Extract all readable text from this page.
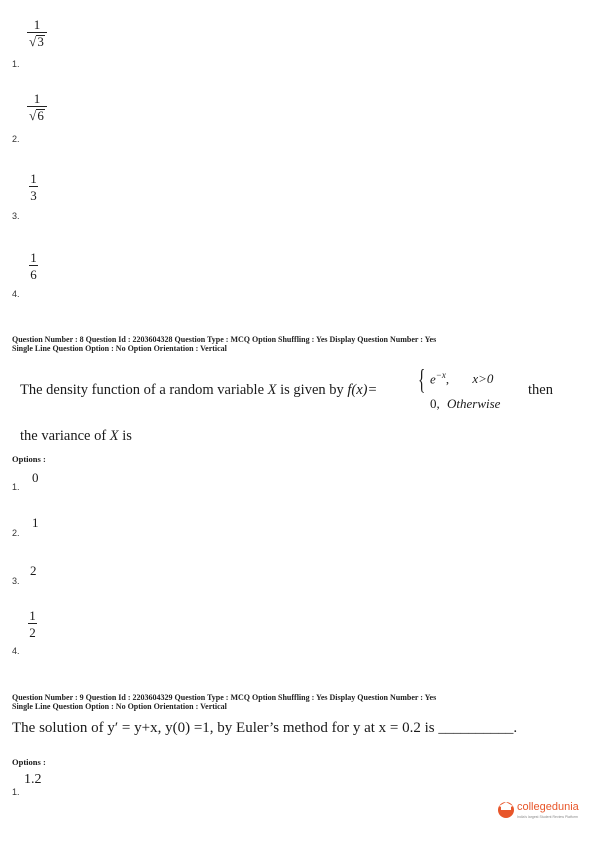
1
√ 3
1.
1
√ 6
2.
1
3
3.
1
6
4.
Question Number : 8 Question Id : 2203604328 Question Type : MCQ Option Shuffling : Yes Display Question Number : Yes
Single Line Question Option : No Option Orientation : Vertical
The density function of a random variable X is given by f(x)= { $e^{-x}$, x>0
0, Otherwise
then
the variance of X is
Options :
0
1.
1
2.
2
3.
1
2
4.
Question Number : 9 Question Id : 2203604329 Question Type : MCQ Option Shuffling : Yes Display Question Number : Yes
Single Line Question Option : No Option Orientation : Vertical
The solution of y′ = y+x, y(0) =1, by Euler’s method for y at x = 0.2 is __________.
Options :
1.2
1.
collegedunia
India's largest Student Review Platform
